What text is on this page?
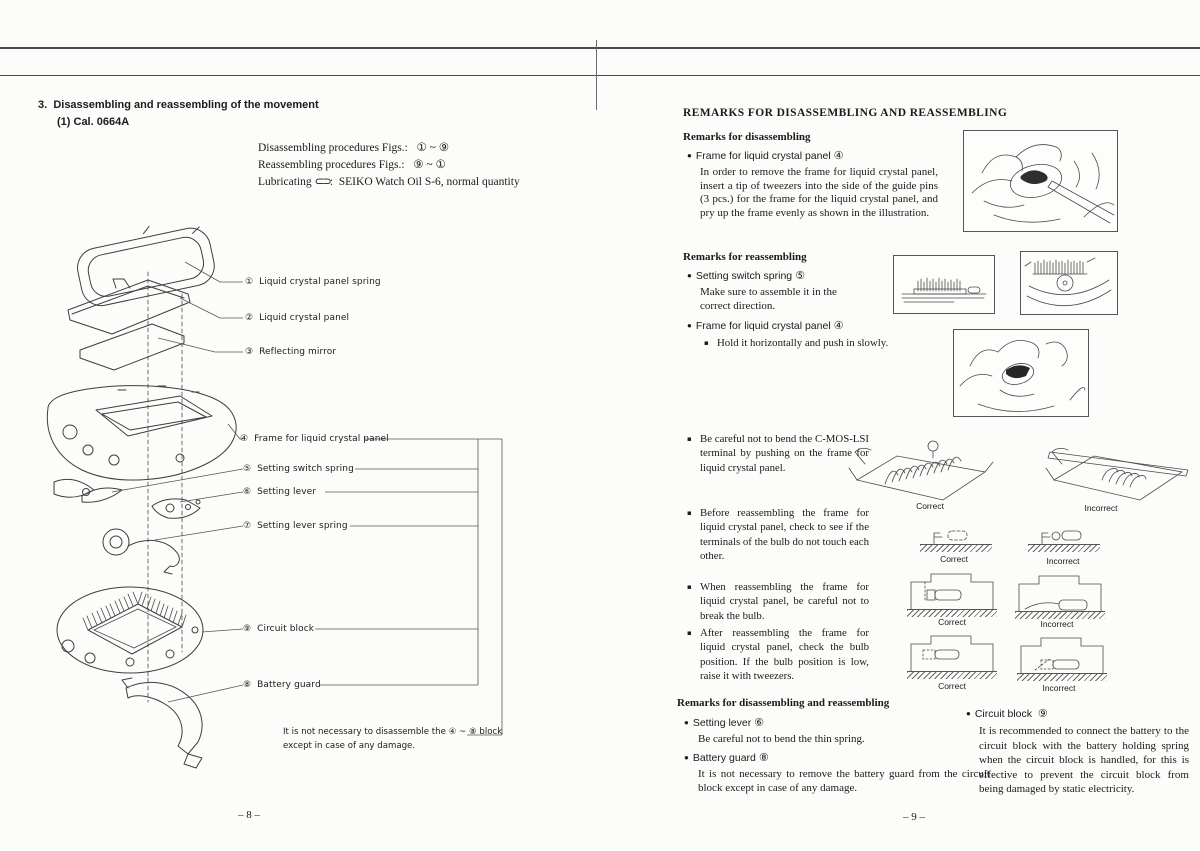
3. Disassembling and reassembling of the movement
(1) Cal. 0664A
Disassembling procedures Figs.: ① ~ ⑨
Reassembling procedures Figs.: ⑨ ~ ①
Lubricating ⊂⊃: SEIKO Watch Oil S-6, normal quantity
① Liquid crystal panel spring
② Liquid crystal panel
③ Reflecting mirror
④ Frame for liquid crystal panel
⑤ Setting switch spring
⑥ Setting lever
⑦ Setting lever spring
⑨ Circuit block
⑧ Battery guard
It is not necessary to disassemble the ④ ~ ⑧ block
except in case of any damage.
– 8 –
REMARKS FOR DISASSEMBLING AND REASSEMBLING
Remarks for disassembling
● Frame for liquid crystal panel ④
In order to remove the frame for liquid crystal panel, insert a tip of tweezers into the side of the guide pins (3 pcs.) for the frame for the liquid crystal panel, and pry up the frame evenly as shown in the illustration.
Remarks for reassembling
● Setting switch spring ⑤
Make sure to assemble it in the correct direction.
● Frame for liquid crystal panel ④
▪ Hold it horizontally and push in slowly.
▪ Be careful not to bend the C-MOS-LSI terminal by pushing on the frame for liquid crystal panel.
▪ Before reassembling the frame for liquid crystal panel, check to see if the terminals of the bulb do not touch each other.
▪ When reassembling the frame for liquid crystal panel, be careful not to break the bulb.
▪ After reassembling the frame for liquid crystal panel, check the bulb position. If the bulb position is low, raise it with tweezers.
Correct	Incorrect
Correct	Incorrect
Correct	Incorrect
Correct	Incorrect
Remarks for disassembling and reassembling
● Setting lever ⑥
Be careful not to bend the thin spring.
● Battery guard ⑧
It is not necessary to remove the battery guard from the circuit block except in case of any damage.
● Circuit block ⑨
It is recommended to connect the battery to the circuit block with the battery holding spring when the circuit block is handled, for this is effective to prevent the circuit block from being damaged by static electricity.
– 9 –
